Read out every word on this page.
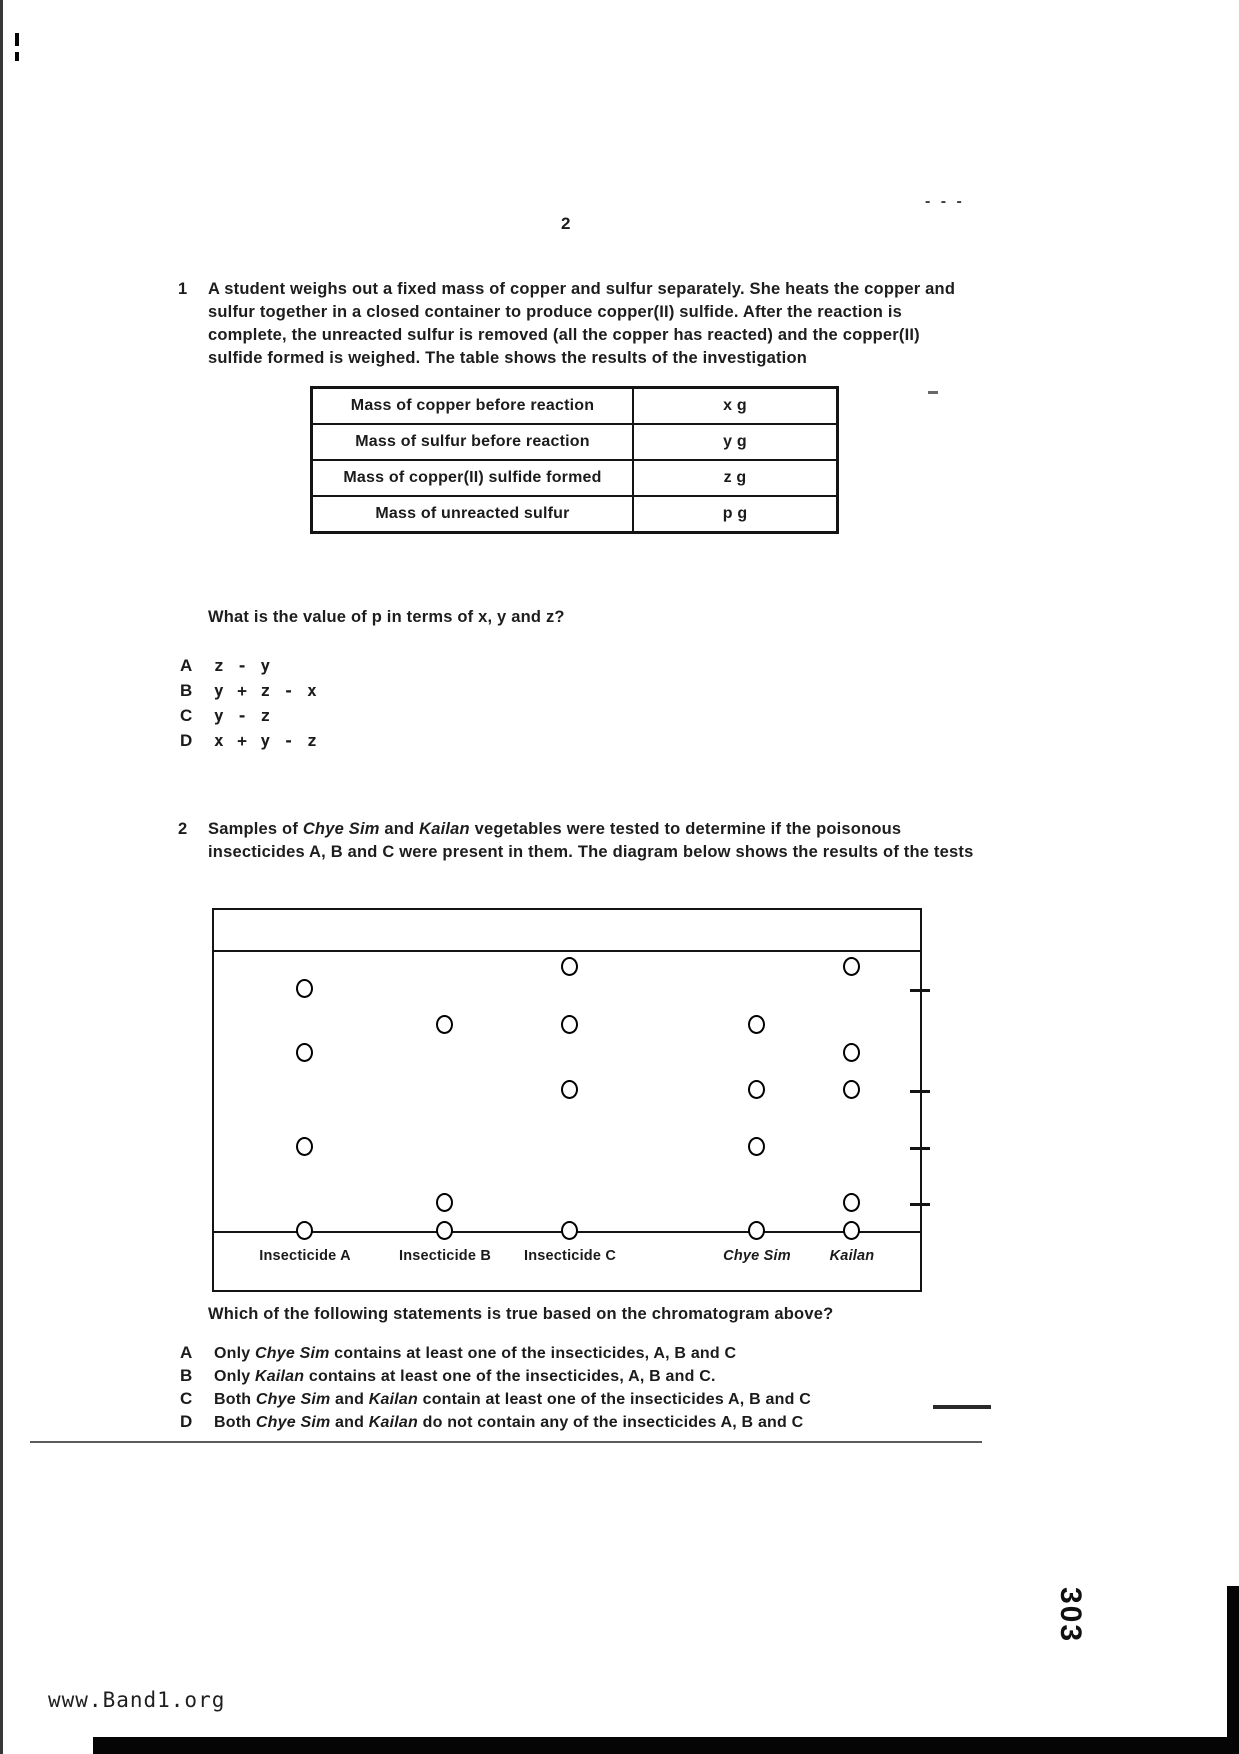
- - -
2
1	A student weighs out a fixed mass of copper and sulfur separately. She heats the copper and sulfur together in a closed container to produce copper(II) sulfide. After the reaction is complete, the unreacted sulfur is removed (all the copper has reacted) and the copper(II) sulfide formed is weighed. The table shows the results of the investigation
Mass of copper before reaction	x g
Mass of sulfur before reaction	y g
Mass of copper(II) sulfide formed	z g
Mass of unreacted sulfur	p g
What is the value of p in terms of x, y and z?
A	z - y
B	y + z - x
C	y - z
D	x + y - z
2	Samples of Chye Sim and Kailan vegetables were tested to determine if the poisonous insecticides A, B and C were present in them. The diagram below shows the results of the tests
Insecticide A	Insecticide B Insecticide C	Chye Sim	Kailan
Which of the following statements is true based on the chromatogram above?
A	Only Chye Sim contains at least one of the insecticides, A, B and C
B	Only Kailan contains at least one of the insecticides, A, B and C.
C	Both Chye Sim and Kailan contain at least one of the insecticides A, B and C
D	Both Chye Sim and Kailan do not contain any of the insecticides A, B and C
www.Band1.org
303
